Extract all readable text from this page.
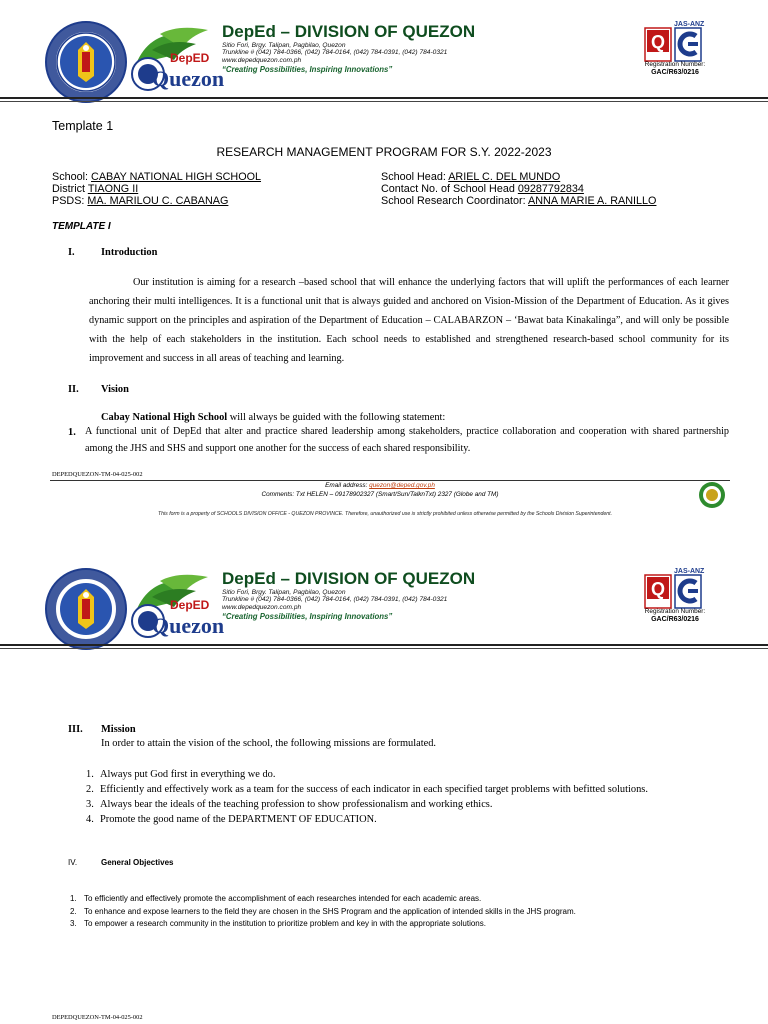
DepED
Quezon
DepEd – DIVISION OF QUEZON
Sitio Fori, Brgy. Talipan, Pagbilao, Quezon
Trunkline # (042) 784-0366, (042) 784-0164, (042) 784-0391, (042) 784-0321
www.depedquezon.com.ph
“Creating Possibilities, Inspiring Innovations”
Q
JAS-ANZ
Registration Number:
GAC/R63/0216
Template 1
RESEARCH MANAGEMENT PROGRAM FOR S.Y. 2022-2023
School: CABAY NATIONAL HIGH SCHOOL
District TIAONG II
PSDS: MA. MARILOU C. CABANAG
School Head: ARIEL C. DEL MUNDO
Contact No. of School Head 09287792834
School Research Coordinator: ANNA MARIE A. RANILLO
TEMPLATE I
I.	Introduction

Our institution is aiming for a research –based school that will enhance the underlying factors that will uplift the performances of each learner anchoring their multi intelligences. It is a functional unit that is always guided and anchored on Vision-Mission of the Department of Education. As it gives dynamic support on the principles and aspiration of the Department of Education – CALABARZON – ‘Bawat bata Kinakalinga”, and will only be possible with the help of each stakeholders in the institution. Each school needs to established and strengthened research-based school community for its improvement and success in all areas of teaching and learning.

II. Vision
Cabay National High School will always be guided with the following statement:
1. A functional unit of DepEd that alter and practice shared leadership among stakeholders, practice collaboration and cooperation with shared partnership among the JHS and SHS and support one another for the success of each shared responsibility.

DEPEDQUEZON-TM-04-025-002
Email address: quezon@deped.gov.ph
Comments: Txt HELEN – 09178902327 (Smart/Sun/TalknTxt) 2327 (Globe and TM)
This form is a property of SCHOOLS DIVISION OFFICE - QUEZON PROVINCE. Therefore, unauthorized use is strictly prohibited unless otherwise permitted by the Schools Division Superintendent.
DepED
Quezon
DepEd – DIVISION OF QUEZON
Sitio Fori, Brgy. Talipan, Pagbilao, Quezon
Trunkline # (042) 784-0366, (042) 784-0164, (042) 784-0391, (042) 784-0321
www.depedquezon.com.ph
“Creating Possibilities, Inspiring Innovations”
Q
JAS-ANZ
Registration Number:
GAC/R63/0216
III. Mission
In order to attain the vision of the school, the following missions are formulated.
1. Always put God first in everything we do.
2. Efficiently and effectively work as a team for the success of each indicator in each specified target problems with befitted solutions.
3. Always bear the ideals of the teaching profession to show professionalism and working ethics.
4. Promote the good name of the DEPARTMENT OF EDUCATION.
IV.	General Objectives
1. To efficiently and effectively promote the accomplishment of each researches intended for each academic areas.
2. To enhance and expose learners to the field they are chosen in the SHS Program and the application of intended skills in the JHS program.
3. To empower a research community in the institution to prioritize problem and key in with the appropriate solutions.
DEPEDQUEZON-TM-04-025-002
